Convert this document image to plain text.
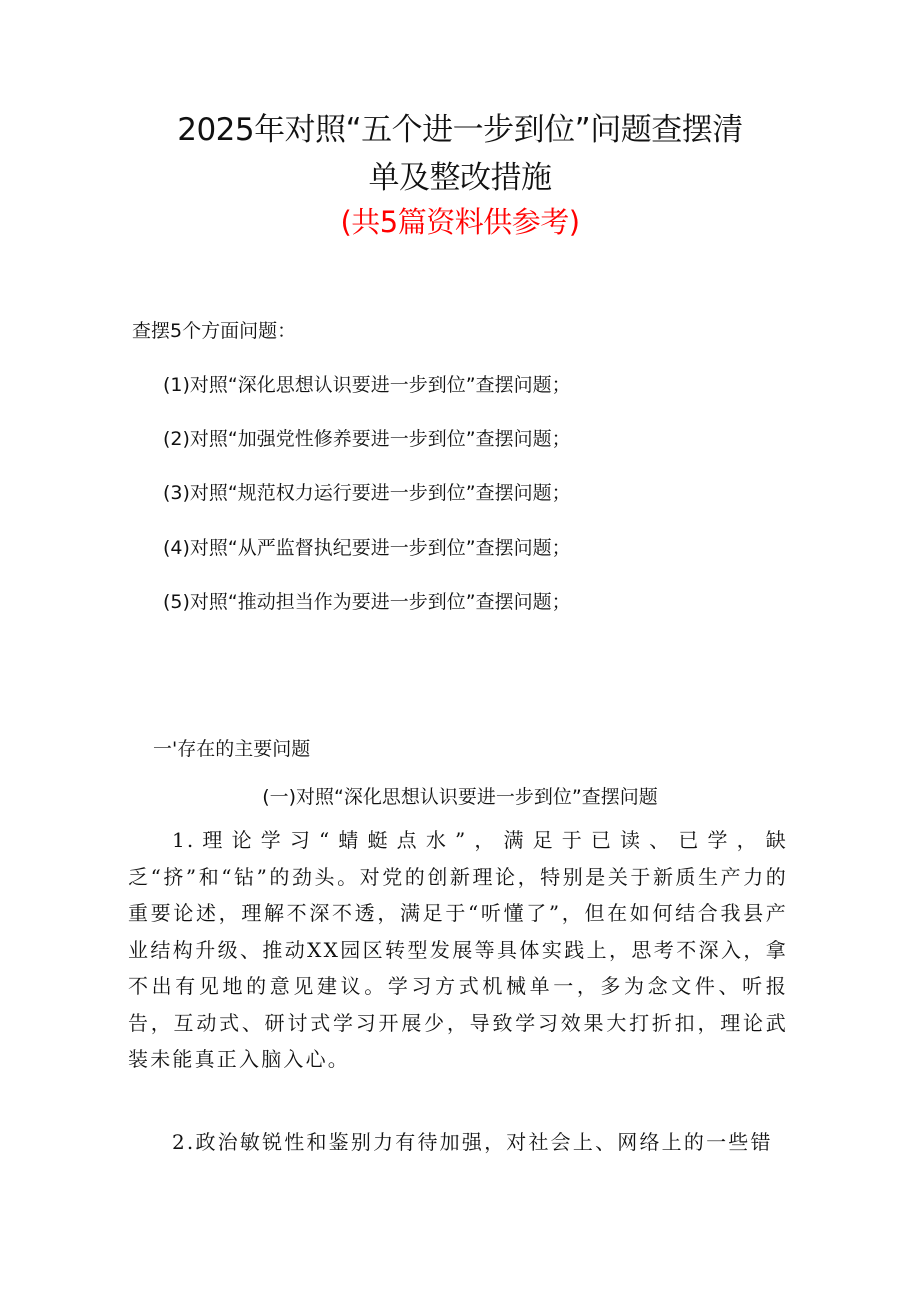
2025年对照“五个进一步到位”问题查摆清
单及整改措施
(共5篇资料供参考)
查摆5个方面问题：
(1)对照“深化思想认识要进一步到位”查摆问题；
(2)对照“加强党性修养要进一步到位”查摆问题；
(3)对照“规范权力运行要进一步到位”查摆问题；
(4)对照“从严监督执纪要进一步到位”查摆问题；
(5)对照“推动担当作为要进一步到位”查摆问题；
一'存在的主要问题
(一)对照“深化思想认识要进一步到位”查摆问题

1.理论学习“蜻蜓点水”，满足于已读、已学，缺乏“挤”和“钻”的劲头。对党的创新理论，特别是关于新质生产力的重要论述，理解不深不透，满足于“听懂了”，但在如何结合我县产业结构升级、推动XX园区转型发展等具体实践上，思考不深入，拿不出有见地的意见建议。学习方式机械单一，多为念文件、听报告，互动式、研讨式学习开展少，导致学习效果大打折扣，理论武装未能真正入脑入心。

2.政治敏锐性和鉴别力有待加强，对社会上、网络上的一些错
